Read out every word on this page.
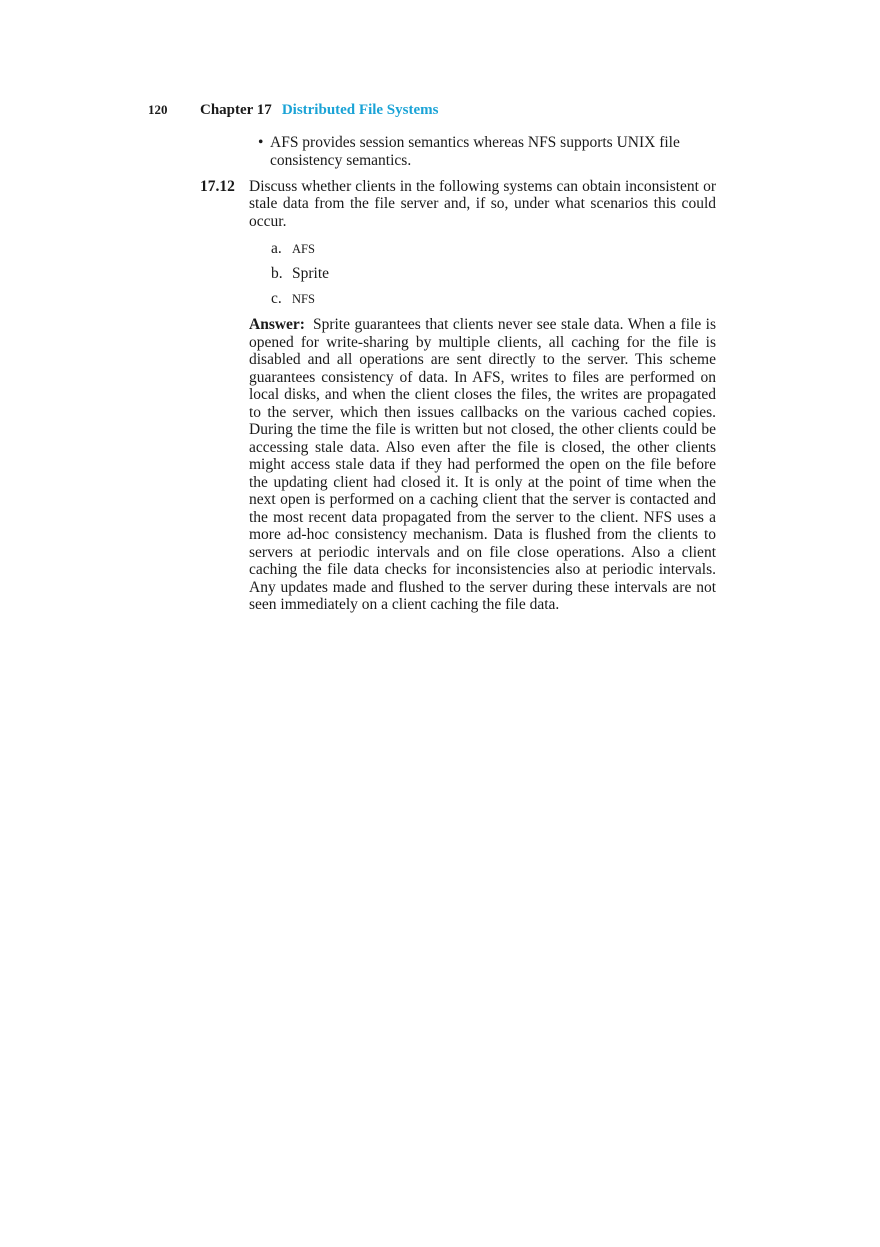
120 Chapter 17 Distributed File Systems
• AFS provides session semantics whereas NFS supports UNIX file consistency semantics.
17.12 Discuss whether clients in the following systems can obtain inconsistent or stale data from the file server and, if so, under what scenarios this could occur.
a. AFS
b. Sprite
c. NFS
Answer: Sprite guarantees that clients never see stale data. When a file is opened for write-sharing by multiple clients, all caching for the file is disabled and all operations are sent directly to the server. This scheme guarantees consistency of data. In AFS, writes to files are performed on local disks, and when the client closes the files, the writes are propagated to the server, which then issues callbacks on the various cached copies. During the time the file is written but not closed, the other clients could be accessing stale data. Also even after the file is closed, the other clients might access stale data if they had performed the open on the file before the updating client had closed it. It is only at the point of time when the next open is performed on a caching client that the server is contacted and the most recent data propagated from the server to the client. NFS uses a more ad-hoc consistency mechanism. Data is flushed from the clients to servers at periodic intervals and on file close operations. Also a client caching the file data checks for inconsistencies also at periodic intervals. Any updates made and flushed to the server during these intervals are not seen immediately on a client caching the file data.
